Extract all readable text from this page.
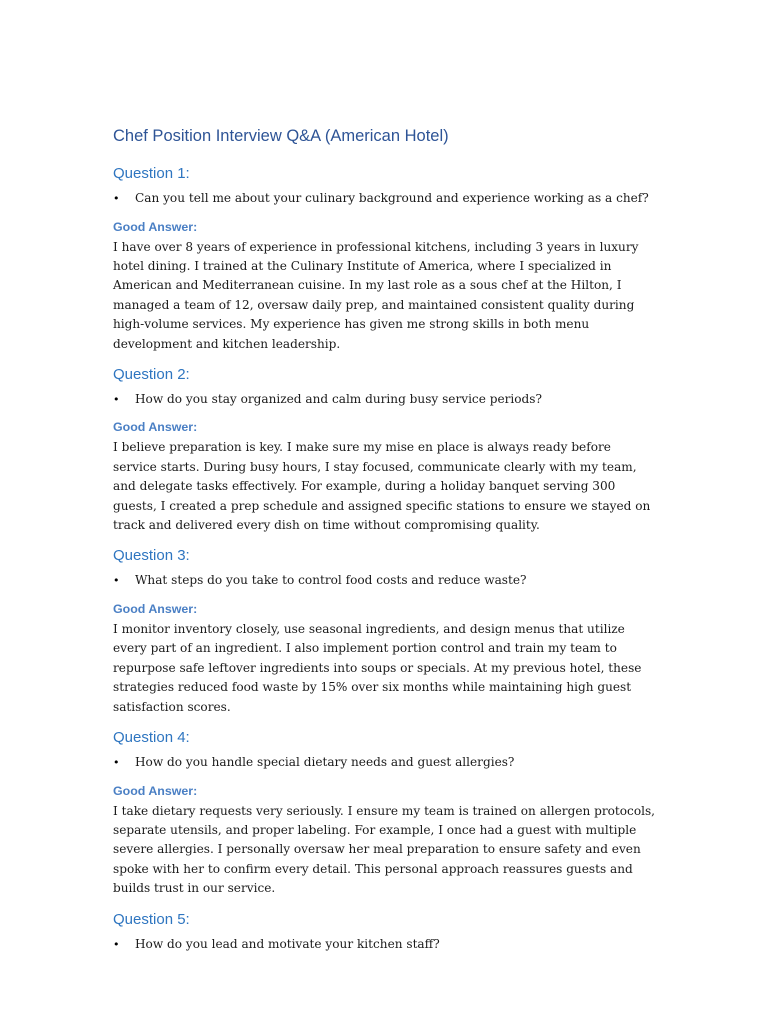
Chef Position Interview Q&A (American Hotel)
Question 1:
•	Can you tell me about your culinary background and experience working as a chef?
Good Answer:

I have over 8 years of experience in professional kitchens, including 3 years in luxury hotel dining. I trained at the Culinary Institute of America, where I specialized in American and Mediterranean cuisine. In my last role as a sous chef at the Hilton, I managed a team of 12, oversaw daily prep, and maintained consistent quality during high-volume services. My experience has given me strong skills in both menu development and kitchen leadership.

Question 2:
•	How do you stay organized and calm during busy service periods?
Good Answer:

I believe preparation is key. I make sure my mise en place is always ready before service starts. During busy hours, I stay focused, communicate clearly with my team, and delegate tasks effectively. For example, during a holiday banquet serving 300 guests, I created a prep schedule and assigned specific stations to ensure we stayed on track and delivered every dish on time without compromising quality.

Question 3:
•	What steps do you take to control food costs and reduce waste?
Good Answer:

I monitor inventory closely, use seasonal ingredients, and design menus that utilize every part of an ingredient. I also implement portion control and train my team to repurpose safe leftover ingredients into soups or specials. At my previous hotel, these strategies reduced food waste by 15% over six months while maintaining high guest satisfaction scores.

Question 4:
•	How do you handle special dietary needs and guest allergies?
Good Answer:

I take dietary requests very seriously. I ensure my team is trained on allergen protocols, separate utensils, and proper labeling. For example, I once had a guest with multiple severe allergies. I personally oversaw her meal preparation to ensure safety and even spoke with her to confirm every detail. This personal approach reassures guests and builds trust in our service.

Question 5:
•	How do you lead and motivate your kitchen staff?
